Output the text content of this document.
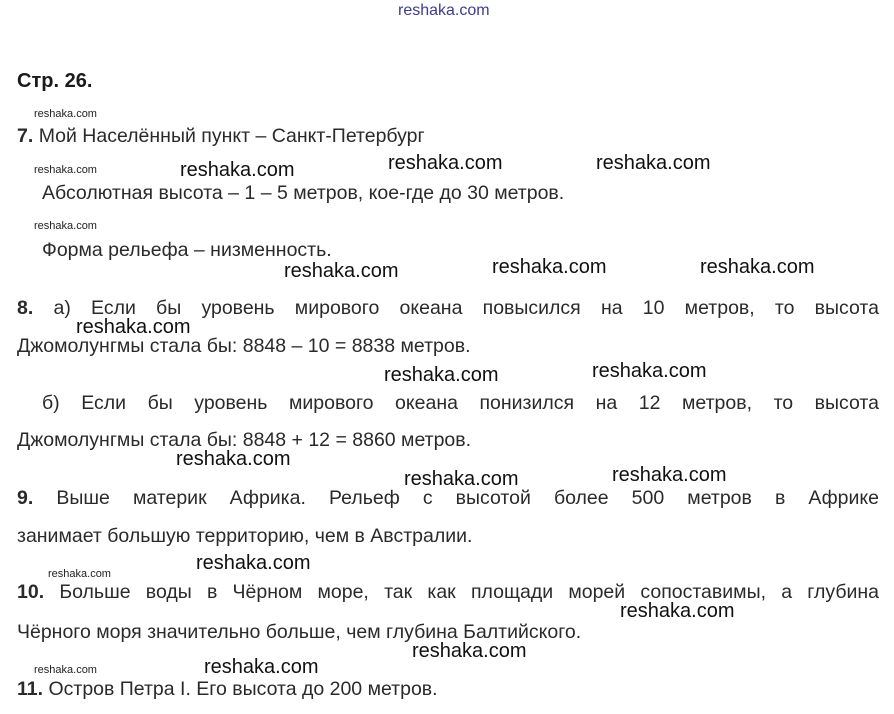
reshaka.com
Стр. 26.
reshaka.com
reshaka.com
reshaka.com
reshaka.com
reshaka.com
reshaka.com	reshaka.com	reshaka.com
reshaka.com	reshaka.com	reshaka.com
reshaka.com
reshaka.com	reshaka.com
reshaka.com
reshaka.com	reshaka.com
reshaka.com
reshaka.com
reshaka.com
reshaka.com
7. Мой Населённый пункт – Санкт-Петербург
Абсолютная высота – 1 – 5 метров, кое-где до 30 метров.
Форма рельефа – низменность.
8. а) Если бы уровень мирового океана повысился на 10 метров, то высота
Джомолунгмы стала бы: 8848 – 10 = 8838 метров.
б) Если бы уровень мирового океана понизился на 12 метров, то высота
Джомолунгмы стала бы: 8848 + 12 = 8860 метров.
9. Выше материк Африка. Рельеф с высотой более 500 метров в Африке
занимает большую территорию, чем в Австралии.
10. Больше воды в Чёрном море, так как площади морей сопоставимы, а глубина
Чёрного моря значительно больше, чем глубина Балтийского.
11. Остров Петра I. Его высота до 200 метров.
